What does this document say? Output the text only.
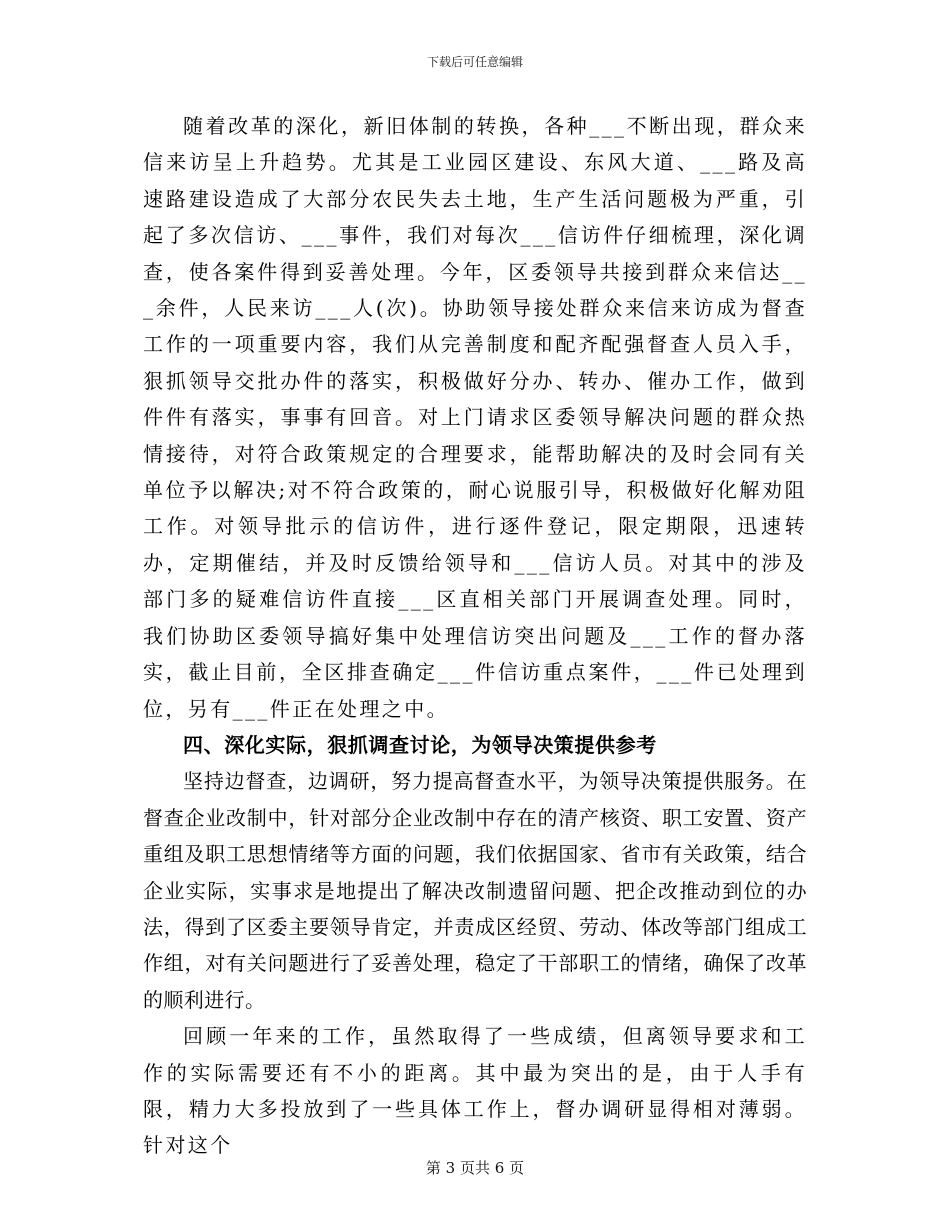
下载后可任意编辑

随着改革的深化，新旧体制的转换，各种___不断出现，群众来信来访呈上升趋势。尤其是工业园区建设、东风大道、___路及高速路建设造成了大部分农民失去土地，生产生活问题极为严重，引起了多次信访、___事件，我们对每次___信访件仔细梳理，深化调查，使各案件得到妥善处理。今年，区委领导共接到群众来信达___余件，人民来访___人(次)。协助领导接处群众来信来访成为督查工作的一项重要内容，我们从完善制度和配齐配强督查人员入手，狠抓领导交批办件的落实，积极做好分办、转办、催办工作，做到件件有落实，事事有回音。对上门请求区委领导解决问题的群众热情接待，对符合政策规定的合理要求，能帮助解决的及时会同有关单位予以解决;对不符合政策的，耐心说服引导，积极做好化解劝阻工作。对领导批示的信访件，进行逐件登记，限定期限，迅速转办，定期催结，并及时反馈给领导和___信访人员。对其中的涉及部门多的疑难信访件直接___区直相关部门开展调查处理。同时，我们协助区委领导搞好集中处理信访突出问题及___工作的督办落实，截止目前，全区排查确定___件信访重点案件，___件已处理到位，另有___件正在处理之中。

四、深化实际，狠抓调查讨论，为领导决策提供参考

坚持边督查，边调研，努力提高督查水平，为领导决策提供服务。在督查企业改制中，针对部分企业改制中存在的清产核资、职工安置、资产重组及职工思想情绪等方面的问题，我们依据国家、省市有关政策，结合企业实际，实事求是地提出了解决改制遗留问题、把企改推动到位的办法，得到了区委主要领导肯定，并责成区经贸、劳动、体改等部门组成工作组，对有关问题进行了妥善处理，稳定了干部职工的情绪，确保了改革的顺利进行。

回顾一年来的工作，虽然取得了一些成绩，但离领导要求和工作的实际需要还有不小的距离。其中最为突出的是，由于人手有限，精力大多投放到了一些具体工作上，督办调研显得相对薄弱。针对这个

第 3 页共 6 页
